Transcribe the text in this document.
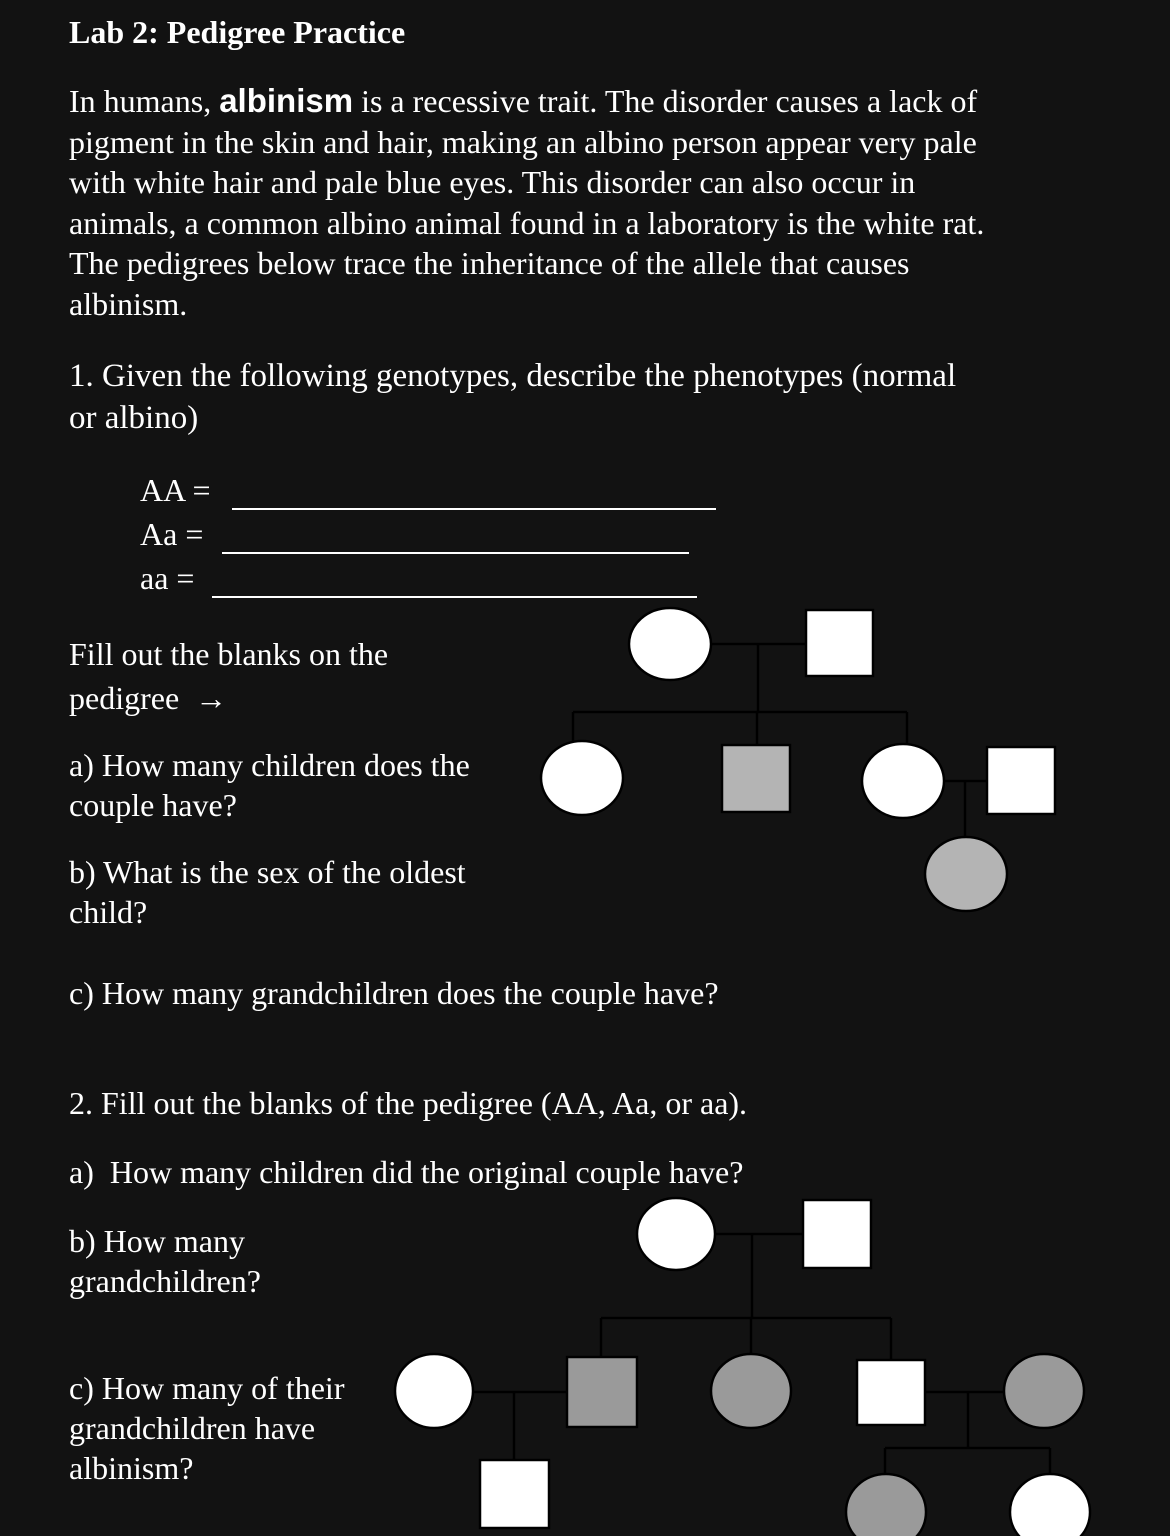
Lab 2: Pedigree Practice

In humans, albinism is a recessive trait. The disorder causes a lack of
pigment in the skin and hair, making an albino person appear very pale
with white hair and pale blue eyes. This disorder can also occur in
animals, a common albino animal found in a laboratory is the white rat.
The pedigrees below trace the inheritance of the allele that causes
albinism.

1. Given the following genotypes, describe the phenotypes (normal
or albino)

AA =
Aa =
aa =

Fill out the blanks on the
pedigree  →

a) How many children does the
couple have?

b) What is the sex of the oldest
child?

c) How many grandchildren does the couple have?

2. Fill out the blanks of the pedigree (AA, Aa, or aa).

a)  How many children did the original couple have?

b) How many
grandchildren?

c) How many of their
grandchildren have
albinism?
